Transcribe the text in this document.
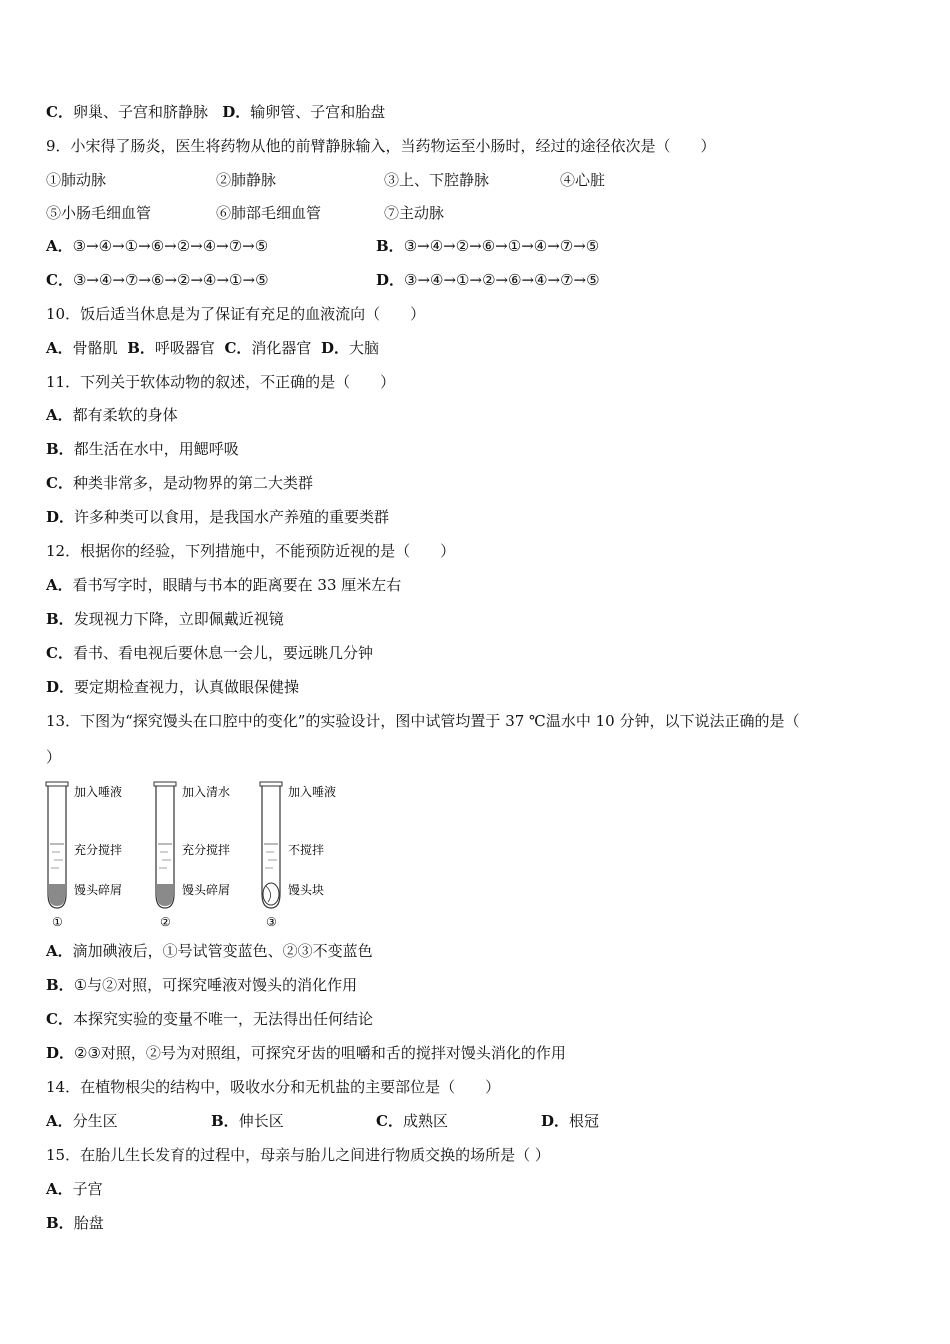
C．卵巢、子宫和脐静脉 D．输卵管、子宫和胎盘
9．小宋得了肠炎，医生将药物从他的前臂静脉输入，当药物运至小肠时，经过的途径依次是（　　）
①肺动脉	②肺静脉	③上、下腔静脉	④心脏
⑤小肠毛细血管	⑥肺部毛细血管	⑦主动脉
A．③→④→①→⑥→②→④→⑦→⑤	B．③→④→②→⑥→①→④→⑦→⑤
C．③→④→⑦→⑥→②→④→①→⑤	D．③→④→①→②→⑥→④→⑦→⑤
10．饭后适当休息是为了保证有充足的血液流向（　　）
A．骨骼肌 B．呼吸器官 C．消化器官 D．大脑
11．下列关于软体动物的叙述，不正确的是（　　）
A．都有柔软的身体
B．都生活在水中，用鳃呼吸
C．种类非常多，是动物界的第二大类群
D．许多种类可以食用，是我国水产养殖的重要类群
12．根据你的经验，下列措施中，不能预防近视的是（　　）
A．看书写字时，眼睛与书本的距离要在 33 厘米左右
B．发现视力下降，立即佩戴近视镜
C．看书、看电视后要休息一会儿，要远眺几分钟
D．要定期检查视力，认真做眼保健操
13．下图为“探究馒头在口腔中的变化”的实验设计，图中试管均置于 37 ℃温水中 10 分钟，以下说法正确的是（
）
加入唾液
充分搅拌
馒头碎屑
①
加入清水
充分搅拌
馒头碎屑
②
加入唾液
不搅拌
馒头块
③
A．滴加碘液后，①号试管变蓝色、②③不变蓝色
B．①与②对照，可探究唾液对馒头的消化作用
C．本探究实验的变量不唯一，无法得出任何结论
D．②③对照，②号为对照组，可探究牙齿的咀嚼和舌的搅拌对馒头消化的作用
14．在植物根尖的结构中，吸收水分和无机盐的主要部位是（　　）
A．分生区	B．伸长区	C．成熟区	D．根冠
15．在胎儿生长发育的过程中，母亲与胎儿之间进行物质交换的场所是（ ）
A．子宫
B．胎盘
